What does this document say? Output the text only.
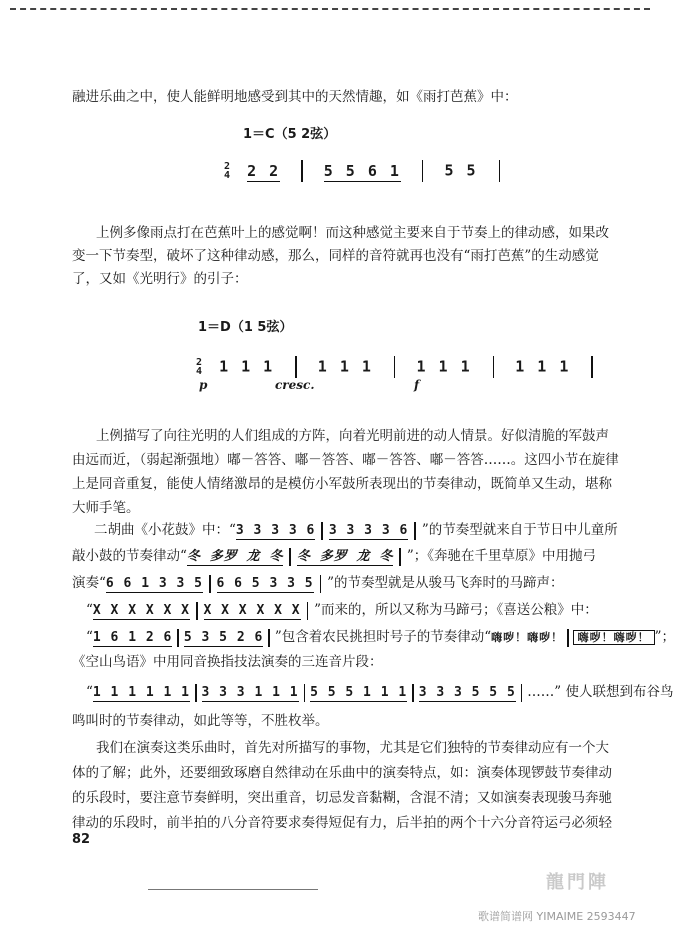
融进乐曲之中，使人能鲜明地感受到其中的天然情趣，如《雨打芭蕉》中：
1＝C（5 2弦）
2
4 2 2	5 5 6 1	5 5
上例多像雨点打在芭蕉叶上的感觉啊！而这种感觉主要来自于节奏上的律动感，如果改
变一下节奏型，破坏了这种律动感，那么，同样的音符就再也没有“雨打芭蕉”的生动感觉
了，又如《光明行》的引子：
1＝D（1 5弦）
2
4 1 1 1	1 1 1	1 1 1	1 1 1
p	cresc.	f
上例描写了向往光明的人们组成的方阵，向着光明前进的动人情景。好似清脆的军鼓声
由远而近，（弱起渐强地）嘟－答答、嘟－答答、嘟－答答、嘟－答答……。这四小节在旋律
上是同音重复，能使人情绪激昂的是模仿小军鼓所表现出的节奏律动，既简单又生动，堪称
大师手笔。
二胡曲《小花鼓》中：“3 3 3 3 6 3 3 3 3 6 ”的节奏型就来自于节日中儿童所
敲小鼓的节奏律动“冬 多罗 龙 冬 冬 多罗 龙 冬 ”；《奔驰在千里草原》中用抛弓
演奏“6 6 1 3 3 5 6 6 5 3 3 5 ”的节奏型就是从骏马飞奔时的马蹄声：
“X X X X X X X X X X X X ”而来的，所以又称为马蹄弓；《喜送公粮》中：
“1 6 1 2 6 5 3 5 2 6 ”包含着农民挑担时号子的节奏律动“嗨哕！嗨哕！ 嗨哕！嗨哕！ ”；
《空山鸟语》中用同音换指技法演奏的三连音片段：
“1 1 1 1 1 1 3 3 3 1 1 1 5 5 5 1 1 1 3 3 3 5 5 5 ……” 使人联想到布谷鸟
鸣叫时的节奏律动，如此等等，不胜枚举。
我们在演奏这类乐曲时，首先对所描写的事物，尤其是它们独特的节奏律动应有一个大
体的了解；此外，还要细致琢磨自然律动在乐曲中的演奏特点，如：演奏体现锣鼓节奏律动
的乐段时，要注意节奏鲜明，突出重音，切忌发音黏糊，含混不清；又如演奏表现骏马奔驰
律动的乐段时，前半拍的八分音符要求奏得短促有力，后半拍的两个十六分音符运弓必须轻
82
龍門陣
歌谱简谱网 YIMAIME 2593447
